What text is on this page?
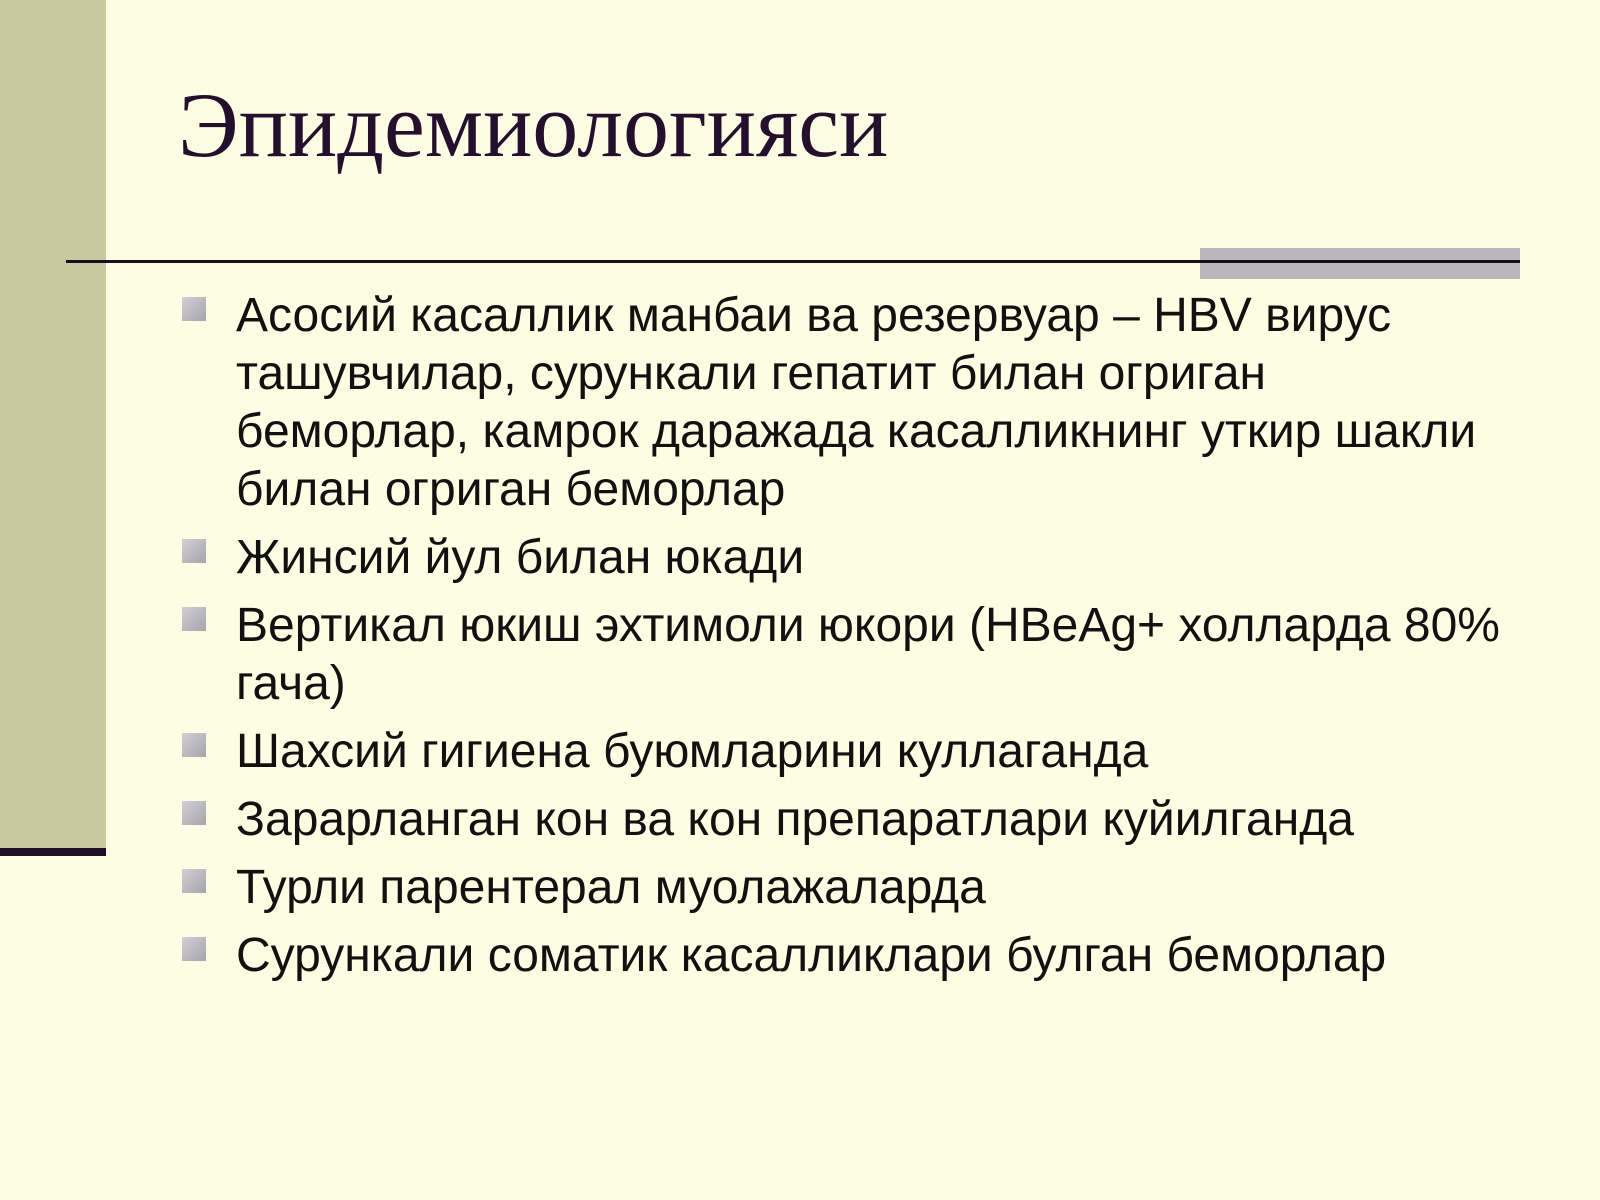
Эпидемиологияси
Асосий касаллик манбаи ва резервуар – HBV вирус ташувчилар, сурункали гепатит билан огриган беморлар, камрок даражада касалликнинг уткир шакли билан огриган беморлар
Жинсий йул билан юкади
Вертикал юкиш эхтимоли юкори (HBeAg+ холларда 80% гача)
Шахсий гигиена буюмларини куллаганда
Зарарланган кон ва кон препаратлари куйилганда
Турли парентерал муолажаларда
Сурункали соматик касалликлари булган беморлар
